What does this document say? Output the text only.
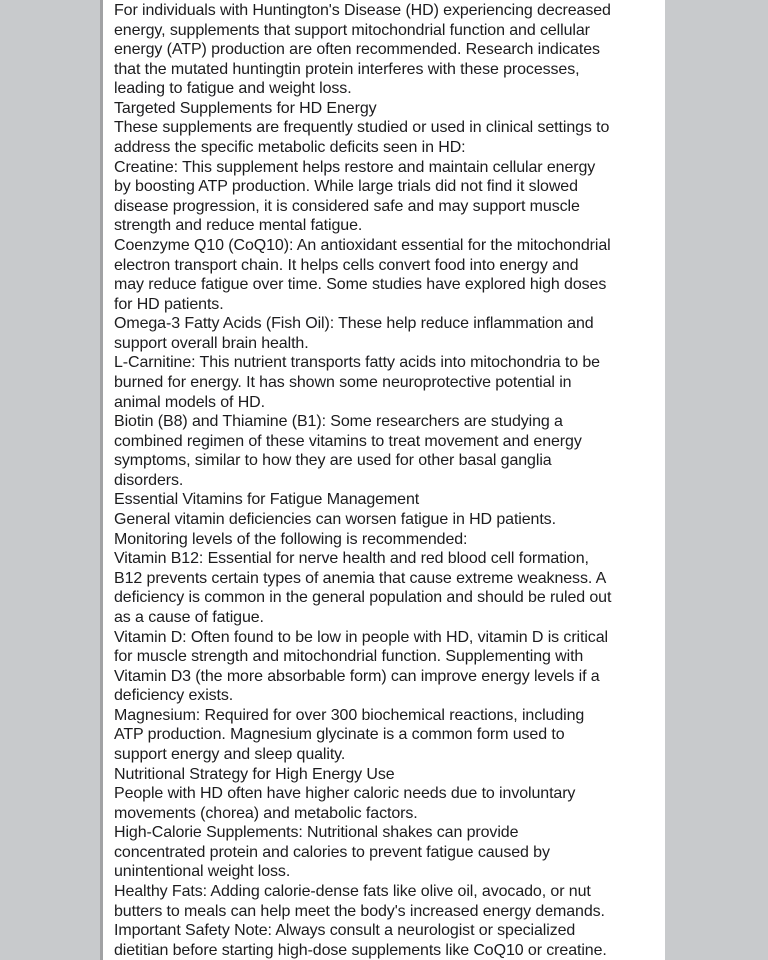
For individuals with Huntington's Disease (HD) experiencing decreased
energy, supplements that support mitochondrial function and cellular
energy (ATP) production are often recommended. Research indicates
that the mutated huntingtin protein interferes with these processes,
leading to fatigue and weight loss.
Targeted Supplements for HD Energy
These supplements are frequently studied or used in clinical settings to
address the specific metabolic deficits seen in HD:
Creatine: This supplement helps restore and maintain cellular energy
by boosting ATP production. While large trials did not find it slowed
disease progression, it is considered safe and may support muscle
strength and reduce mental fatigue.
Coenzyme Q10 (CoQ10): An antioxidant essential for the mitochondrial
electron transport chain. It helps cells convert food into energy and
may reduce fatigue over time. Some studies have explored high doses
for HD patients.
Omega-3 Fatty Acids (Fish Oil): These help reduce inflammation and
support overall brain health.
L-Carnitine: This nutrient transports fatty acids into mitochondria to be
burned for energy. It has shown some neuroprotective potential in
animal models of HD.
Biotin (B8) and Thiamine (B1): Some researchers are studying a
combined regimen of these vitamins to treat movement and energy
symptoms, similar to how they are used for other basal ganglia
disorders.
Essential Vitamins for Fatigue Management
General vitamin deficiencies can worsen fatigue in HD patients.
Monitoring levels of the following is recommended:
Vitamin B12: Essential for nerve health and red blood cell formation,
B12 prevents certain types of anemia that cause extreme weakness. A
deficiency is common in the general population and should be ruled out
as a cause of fatigue.
Vitamin D: Often found to be low in people with HD, vitamin D is critical
for muscle strength and mitochondrial function. Supplementing with
Vitamin D3 (the more absorbable form) can improve energy levels if a
deficiency exists.
Magnesium: Required for over 300 biochemical reactions, including
ATP production. Magnesium glycinate is a common form used to
support energy and sleep quality.
Nutritional Strategy for High Energy Use
People with HD often have higher caloric needs due to involuntary
movements (chorea) and metabolic factors.
High-Calorie Supplements: Nutritional shakes can provide
concentrated protein and calories to prevent fatigue caused by
unintentional weight loss.
Healthy Fats: Adding calorie-dense fats like olive oil, avocado, or nut
butters to meals can help meet the body's increased energy demands.
Important Safety Note: Always consult a neurologist or specialized
dietitian before starting high-dose supplements like CoQ10 or creatine.
